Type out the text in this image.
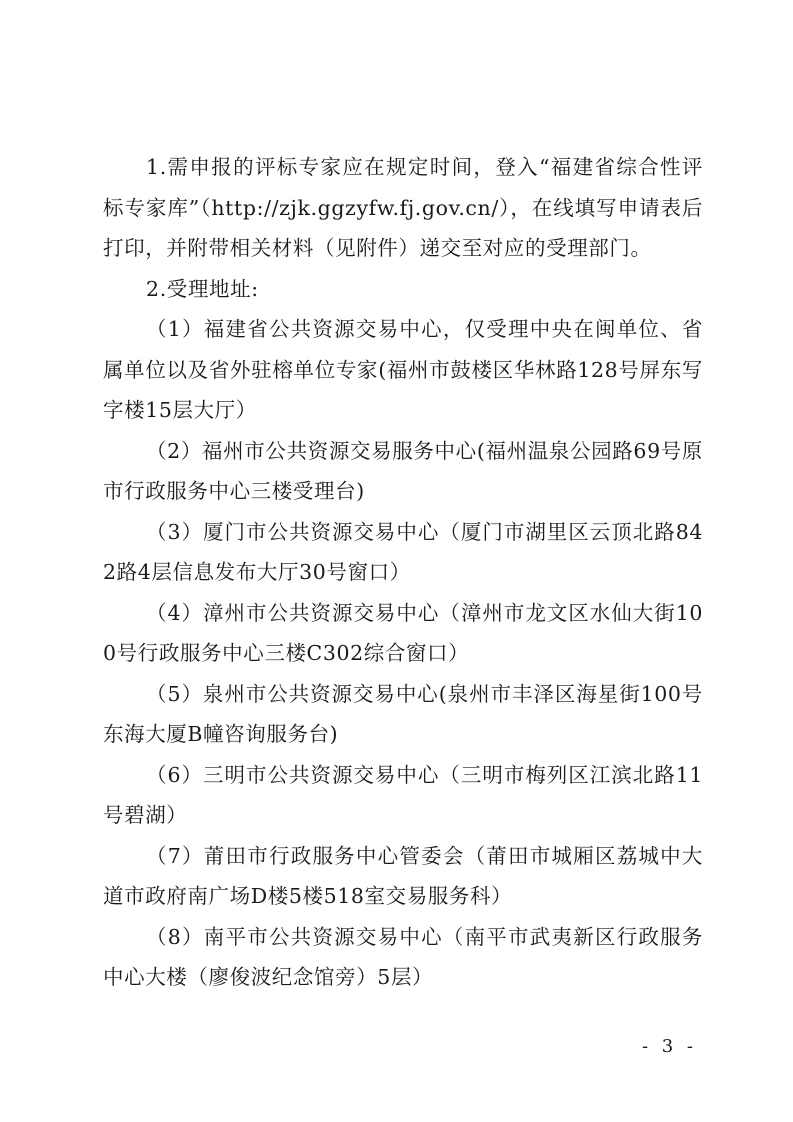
1.需申报的评标专家应在规定时间，登入“福建省综合性评标专家库”（http://zjk.ggzyfw.fj.gov.cn/），在线填写申请表后打印，并附带相关材料（见附件）递交至对应的受理部门。

2.受理地址:

（1）福建省公共资源交易中心，仅受理中央在闽单位、省属单位以及省外驻榕单位专家(福州市鼓楼区华林路128号屏东写字楼15层大厅）

（2）福州市公共资源交易服务中心(福州温泉公园路69号原市行政服务中心三楼受理台)

（3）厦门市公共资源交易中心（厦门市湖里区云顶北路842路4层信息发布大厅30号窗口）

（4）漳州市公共资源交易中心（漳州市龙文区水仙大街100号行政服务中心三楼C302综合窗口）

（5）泉州市公共资源交易中心(泉州市丰泽区海星街100号东海大厦B幢咨询服务台)

（6）三明市公共资源交易中心（三明市梅列区江滨北路11号碧湖）

（7）莆田市行政服务中心管委会（莆田市城厢区荔城中大道市政府南广场D楼5楼518室交易服务科）

（8）南平市公共资源交易中心（南平市武夷新区行政服务中心大楼（廖俊波纪念馆旁）5层）

- 3 -
